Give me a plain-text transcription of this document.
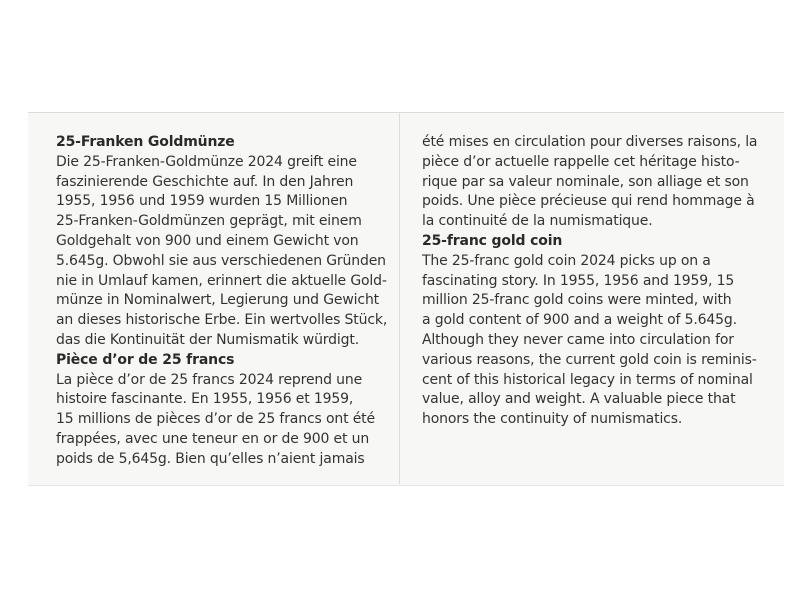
25-Franken Goldmünze
Die 25-Franken-Goldmünze 2024 greift eine
faszinierende Geschichte auf. In den Jahren
1955, 1956 und 1959 wurden 15 Millionen
25-Franken-Goldmünzen geprägt, mit einem
Goldgehalt von 900 und einem Gewicht von
5.645g. Obwohl sie aus verschiedenen Gründen
nie in Umlauf kamen, erinnert die aktuelle Gold-
münze in Nominalwert, Legierung und Gewicht
an dieses historische Erbe. Ein wertvolles Stück,
das die Kontinuität der Numismatik würdigt.
Pièce d’or de 25 francs
La pièce d’or de 25 francs 2024 reprend une
histoire fascinante. En 1955, 1956 et 1959,
15 millions de pièces d’or de 25 francs ont été
frappées, avec une teneur en or de 900 et un
poids de 5,645g. Bien qu’elles n’aient jamais
été mises en circulation pour diverses raisons, la
pièce d’or actuelle rappelle cet héritage histo-
rique par sa valeur nominale, son alliage et son
poids. Une pièce précieuse qui rend hommage à
la continuité de la numismatique.
25-franc gold coin
The 25-franc gold coin 2024 picks up on a
fascinating story. In 1955, 1956 and 1959, 15
million 25-franc gold coins were minted, with
a gold content of 900 and a weight of 5.645g.
Although they never came into circulation for
various reasons, the current gold coin is reminis-
cent of this historical legacy in terms of nominal
value, alloy and weight. A valuable piece that
honors the continuity of numismatics.
